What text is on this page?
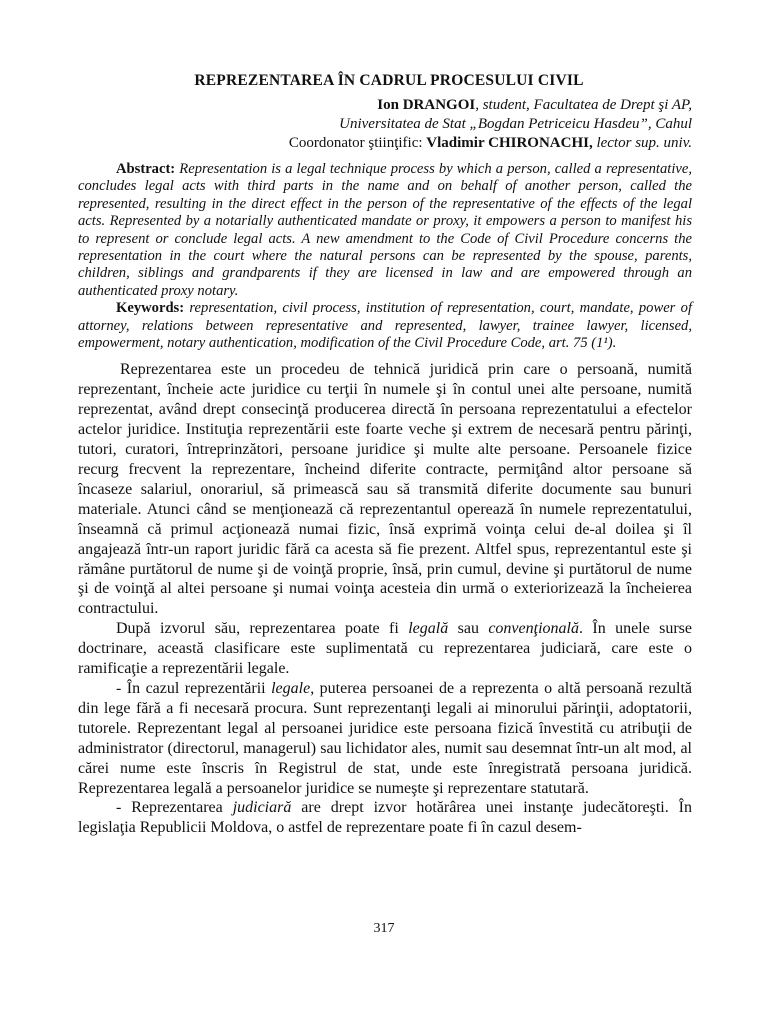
REPREZENTAREA ÎN CADRUL PROCESULUI CIVIL
Ion DRANGOI, student, Facultatea de Drept şi AP,
Universitatea de Stat „Bogdan Petriceicu Hasdeu”, Cahul
Coordonator ştiinţific: Vladimir CHIRONACHI, lector sup. univ.

Abstract: Representation is a legal technique process by which a person, called a representative, concludes legal acts with third parts in the name and on behalf of another person, called the represented, resulting in the direct effect in the person of the representative of the effects of the legal acts. Represented by a notarially authenticated mandate or proxy, it empowers a person to manifest his to represent or conclude legal acts. A new amendment to the Code of Civil Procedure concerns the representation in the court where the natural persons can be represented by the spouse, parents, children, siblings and grandparents if they are licensed in law and are empowered through an authenticated proxy notary.

Keywords: representation, civil process, institution of representation, court, mandate, power of attorney, relations between representative and represented, lawyer, trainee lawyer, licensed, empowerment, notary authentication, modification of the Civil Procedure Code, art. 75 (1¹).

Reprezentarea este un procedeu de tehnică juridică prin care o persoană, numită reprezentant, încheie acte juridice cu terţii în numele şi în contul unei alte persoane, numită reprezentat, având drept consecinţă producerea directă în persoana reprezentatului a efectelor actelor juridice. Instituţia reprezentării este foarte veche şi extrem de necesară pentru părinţi, tutori, curatori, întreprinzători, persoane juridice şi multe alte persoane. Persoanele fizice recurg frecvent la reprezentare, încheind diferite contracte, permiţând altor persoane să încaseze salariul, onorariul, să primească sau să transmită diferite documente sau bunuri materiale. Atunci când se menţionează că reprezentantul operează în numele reprezentatului, înseamnă că primul acţionează numai fizic, însă exprimă voinţa celui de-al doilea şi îl angajează într-un raport juridic fără ca acesta să fie prezent. Altfel spus, reprezentantul este şi rămâne purtătorul de nume şi de voinţă proprie, însă, prin cumul, devine şi purtătorul de nume şi de voinţă al altei persoane şi numai voinţa acesteia din urmă o exteriorizează la încheierea contractului.

După izvorul său, reprezentarea poate fi legală sau convenţională. În unele surse doctrinare, această clasificare este suplimentată cu reprezentarea judiciară, care este o ramificaţie a reprezentării legale.

- În cazul reprezentării legale, puterea persoanei de a reprezenta o altă persoană rezultă din lege fără a fi necesară procura. Sunt reprezentanţi legali ai minorului părinţii, adoptatorii, tutorele. Reprezentant legal al persoanei juridice este persoana fizică învestită cu atribuţii de administrator (directorul, managerul) sau lichidator ales, numit sau desemnat într-un alt mod, al cărei nume este înscris în Registrul de stat, unde este înregistrată persoana juridică. Reprezentarea legală a persoanelor juridice se numeşte şi reprezentare statutară.

- Reprezentarea judiciară are drept izvor hotărârea unei instanţe judecătoreşti. În legislaţia Republicii Moldova, o astfel de reprezentare poate fi în cazul desem-

317
